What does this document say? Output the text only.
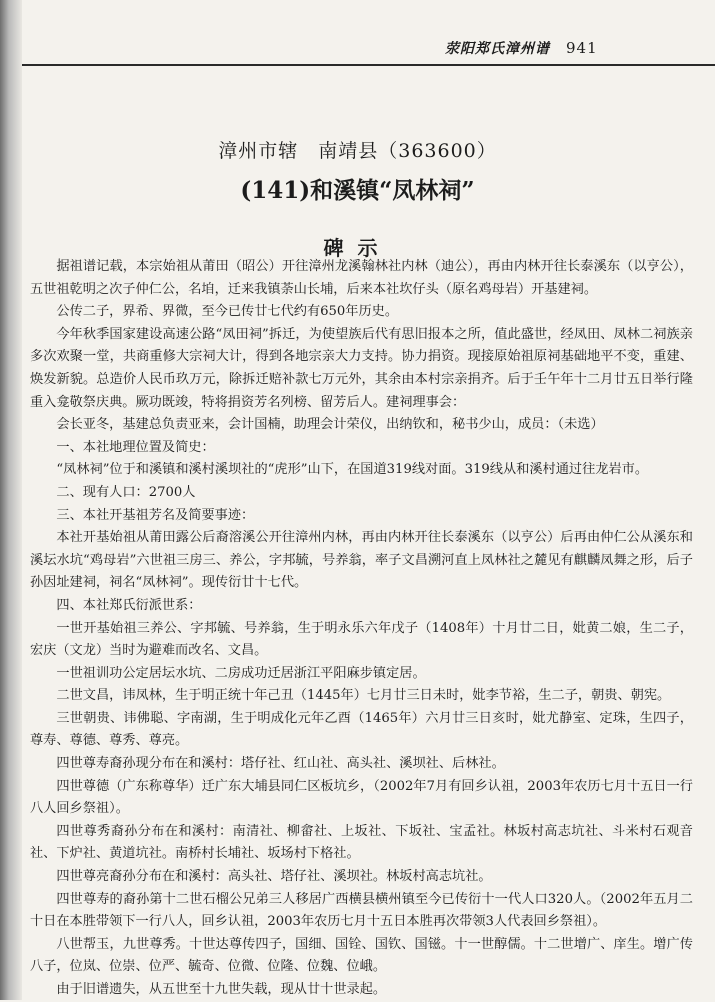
荥阳郑氏漳州谱 941
漳州市辖　南靖县（363600）
(141)和溪镇“凤林祠”
碑示

据祖谱记载，本宗始祖从莆田（昭公）开往漳州龙溪翰林社内林（迪公），再由内林开往长泰溪东（以亨公），五世祖乾明之次子仲仁公，名垍，迁来我镇荼山长埔，后来本社坎仔头（原名鸡母岩）开基建祠。

公传二子，界希、界微，至今已传廿七代约有650年历史。

今年秋季国家建设高速公路“凤田祠”拆迁，为使望族后代有思旧报本之所，值此盛世，经凤田、凤林二祠族亲多次欢聚一堂，共商重修大宗祠大计，得到各地宗亲大力支持。协力捐资。现接原始祖原祠基础地平不变，重建、焕发新貌。总造价人民币玖万元，除拆迁赔补款七万元外，其余由本村宗亲捐齐。后于壬午年十二月廿五日举行隆重入龛敬祭庆典。厥功既竣，特将捐资芳名列榜、留芳后人。建祠理事会：

会长亚冬，基建总负责亚来，会计国楠，助理会计荣仪，出纳钦和，秘书少山，成员：（未选）

一、本社地理位置及简史：

“凤林祠”位于和溪镇和溪村溪坝社的“虎形”山下，在国道319线对面。319线从和溪村通过往龙岩市。

二、现有人口：2700人

三、本社开基祖芳名及简要事迹：

本社开基始祖从莆田露公后裔溶溪公开往漳州内林，再由内林开往长泰溪东（以亨公）后再由仲仁公从溪东和溪坛水坑“鸡母岩”六世祖三房三、养公，字邦毓，号养翁，率子文昌溯河直上凤林社之麓见有麒麟凤舞之形，后子孙因址建祠，祠名“凤林祠”。现传衍廿十七代。

四、本社郑氏衍派世系：

一世开基始祖三养公、字邦毓、号养翁，生于明永乐六年戊子（1408年）十月廿二日，妣黄二娘，生二子，宏庆（文龙）当时为避难而改名、文昌。

一世祖训功公定居坛水坑、二房成功迁居浙江平阳麻步镇定居。

二世文昌，讳凤林，生于明正统十年己丑（1445年）七月廿三日未时，妣李节裕，生二子，朝贵、朝宪。

三世朝贵、讳佛聪、字南湖，生于明成化元年乙酉（1465年）六月廿三日亥时，妣尤静室、定珠，生四子，尊寿、尊德、尊秀、尊亮。

四世尊寿裔孙现分布在和溪村：塔仔社、红山社、高头社、溪坝社、后林社。

四世尊德（广东称尊华）迁广东大埔县同仁区板坑乡，（2002年7月有回乡认祖，2003年农历七月十五日一行八人回乡祭祖）。

四世尊秀裔孙分布在和溪村：南清社、柳畲社、上坂社、下坂社、宝孟社。林坂村高志坑社、斗米村石观音社、下炉社、黄道坑社。南桥村长埔社、坂场村下格社。

四世尊亮裔孙分布在和溪村：高头社、塔仔社、溪坝社。林坂村高志坑社。

四世尊寿的裔孙第十二世石榴公兄弟三人移居广西横县横州镇至今已传衍十一代人口320人。（2002年五月二十日在本胜带领下一行八人，回乡认祖，2003年农历七月十五日本胜再次带领3人代表回乡祭祖）。

八世帮玉，九世尊秀。十世达尊传四子，国细、国铨、国钦、国镃。十一世醇儒。十二世增广、庠生。增广传八子，位岚、位崇、位严、毓奇、位微、位隆、位魏、位峨。

由于旧谱遗失，从五世至十九世失载，现从廿十世录起。
